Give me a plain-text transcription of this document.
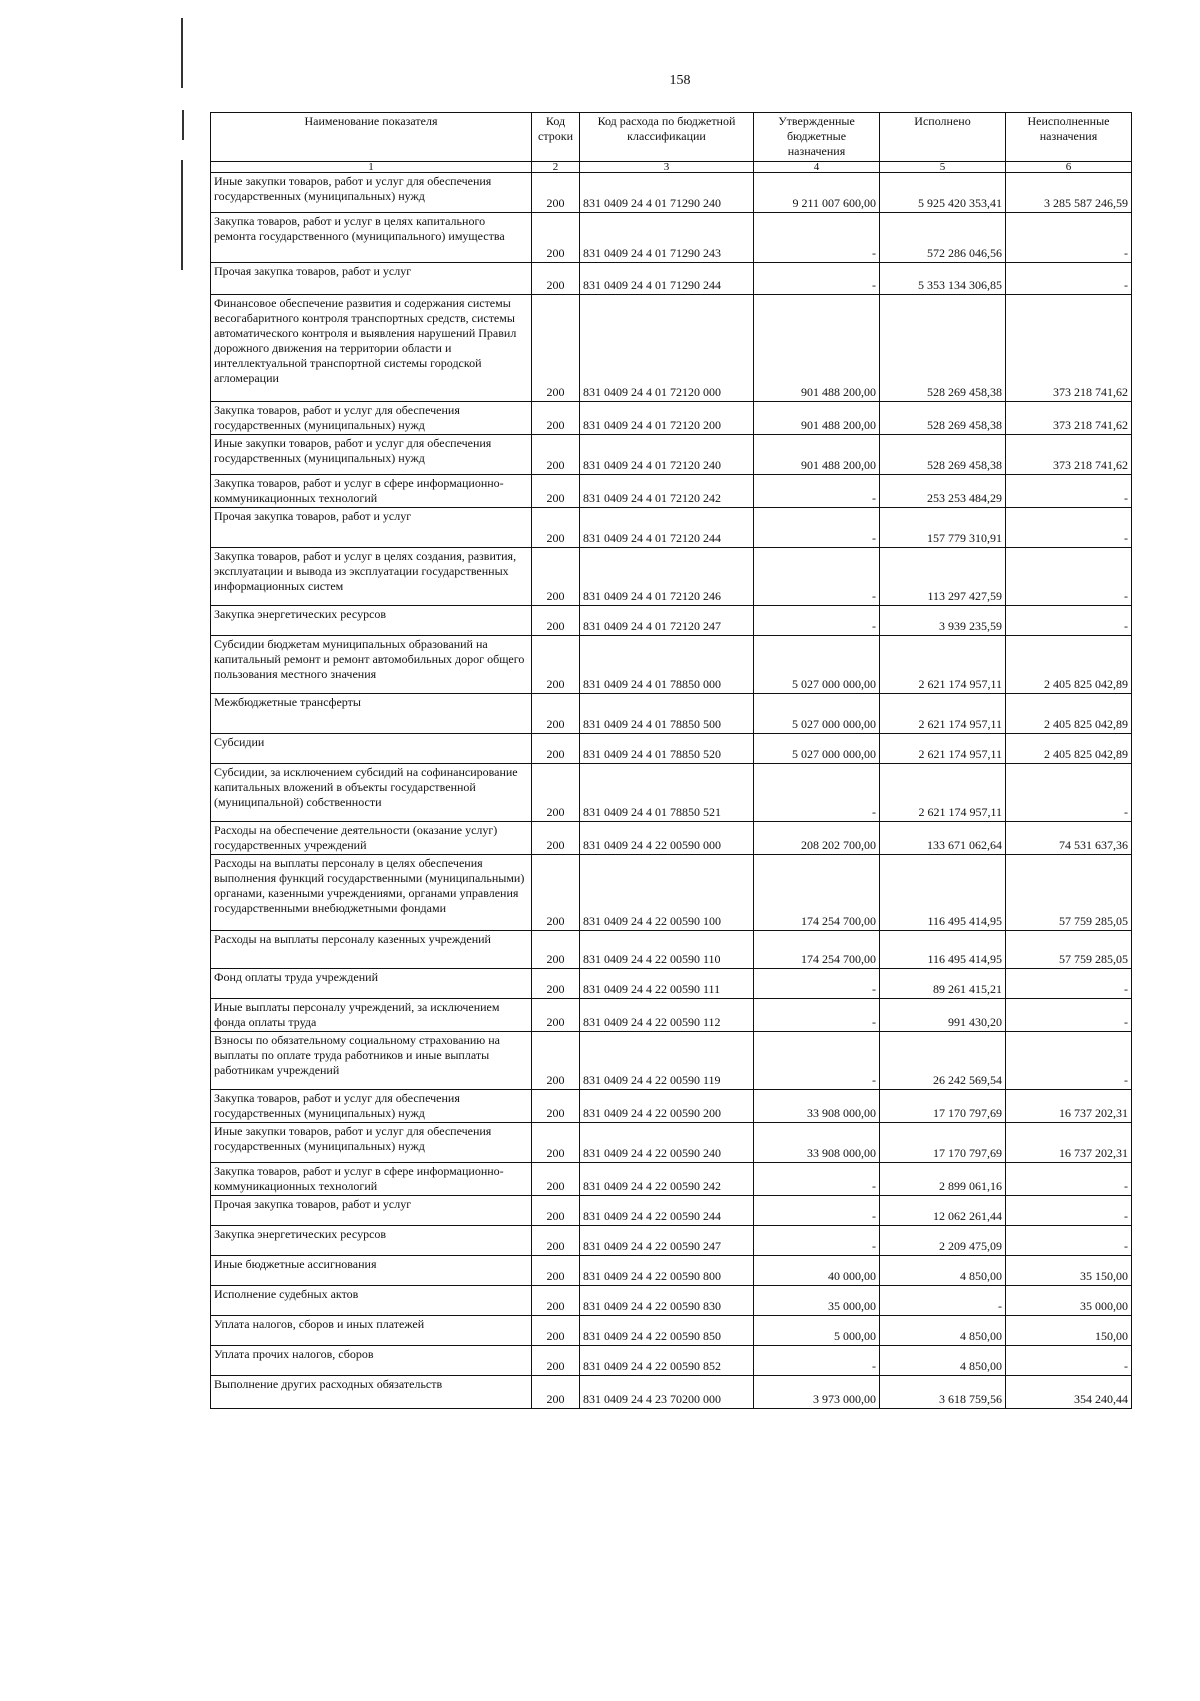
158
Наименование показателя	Код строки	Код расхода по бюджетной классификации	Утвержденные бюджетные назначения	Исполнено	Неисполненные назначения
1	2	3	4	5	6
Иные закупки товаров, работ и услуг для обеспечения государственных (муниципальных) нужд	200	831 0409 24 4 01 71290 240	9 211 007 600,00	5 925 420 353,41	3 285 587 246,59
Закупка товаров, работ и услуг в целях капитального ремонта государственного (муниципального) имущества	200	831 0409 24 4 01 71290 243	-	572 286 046,56	-
Прочая закупка товаров, работ и услуг	200	831 0409 24 4 01 71290 244	-	5 353 134 306,85	-
Финансовое обеспечение развития и содержания системы весогабаритного контроля транспортных средств, системы автоматического контроля и выявления нарушений Правил дорожного движения на территории области и интеллектуальной транспортной системы городской агломерации	200	831 0409 24 4 01 72120 000	901 488 200,00	528 269 458,38	373 218 741,62
Закупка товаров, работ и услуг для обеспечения государственных (муниципальных) нужд	200	831 0409 24 4 01 72120 200	901 488 200,00	528 269 458,38	373 218 741,62
Иные закупки товаров, работ и услуг для обеспечения государственных (муниципальных) нужд	200	831 0409 24 4 01 72120 240	901 488 200,00	528 269 458,38	373 218 741,62
Закупка товаров, работ и услуг в сфере информационно-коммуникационных технологий	200	831 0409 24 4 01 72120 242	-	253 253 484,29	-
Прочая закупка товаров, работ и услуг	200	831 0409 24 4 01 72120 244	-	157 779 310,91	-
Закупка товаров, работ и услуг в целях создания, развития, эксплуатации и вывода из эксплуатации государственных информационных систем	200	831 0409 24 4 01 72120 246	-	113 297 427,59	-
Закупка энергетических ресурсов	200	831 0409 24 4 01 72120 247	-	3 939 235,59	-
Субсидии бюджетам муниципальных образований на капитальный ремонт и ремонт автомобильных дорог общего пользования местного значения	200	831 0409 24 4 01 78850 000	5 027 000 000,00	2 621 174 957,11	2 405 825 042,89
Межбюджетные трансферты	200	831 0409 24 4 01 78850 500	5 027 000 000,00	2 621 174 957,11	2 405 825 042,89
Субсидии	200	831 0409 24 4 01 78850 520	5 027 000 000,00	2 621 174 957,11	2 405 825 042,89
Субсидии, за исключением субсидий на софинансирование капитальных вложений в объекты государственной (муниципальной) собственности	200	831 0409 24 4 01 78850 521	-	2 621 174 957,11	-
Расходы на обеспечение деятельности (оказание услуг) государственных учреждений	200	831 0409 24 4 22 00590 000	208 202 700,00	133 671 062,64	74 531 637,36
Расходы на выплаты персоналу в целях обеспечения выполнения функций государственными (муниципальными) органами, казенными учреждениями, органами управления государственными внебюджетными фондами	200	831 0409 24 4 22 00590 100	174 254 700,00	116 495 414,95	57 759 285,05
Расходы на выплаты персоналу казенных учреждений	200	831 0409 24 4 22 00590 110	174 254 700,00	116 495 414,95	57 759 285,05
Фонд оплаты труда учреждений	200	831 0409 24 4 22 00590 111	-	89 261 415,21	-
Иные выплаты персоналу учреждений, за исключением фонда оплаты труда	200	831 0409 24 4 22 00590 112	-	991 430,20	-
Взносы по обязательному социальному страхованию на выплаты по оплате труда работников и иные выплаты работникам учреждений	200	831 0409 24 4 22 00590 119	-	26 242 569,54	-
Закупка товаров, работ и услуг для обеспечения государственных (муниципальных) нужд	200	831 0409 24 4 22 00590 200	33 908 000,00	17 170 797,69	16 737 202,31
Иные закупки товаров, работ и услуг для обеспечения государственных (муниципальных) нужд	200	831 0409 24 4 22 00590 240	33 908 000,00	17 170 797,69	16 737 202,31
Закупка товаров, работ и услуг в сфере информационно-коммуникационных технологий	200	831 0409 24 4 22 00590 242	-	2 899 061,16	-
Прочая закупка товаров, работ и услуг	200	831 0409 24 4 22 00590 244	-	12 062 261,44	-
Закупка энергетических ресурсов	200	831 0409 24 4 22 00590 247	-	2 209 475,09	-
Иные бюджетные ассигнования	200	831 0409 24 4 22 00590 800	40 000,00	4 850,00	35 150,00
Исполнение судебных актов	200	831 0409 24 4 22 00590 830	35 000,00	-	35 000,00
Уплата налогов, сборов и иных платежей	200	831 0409 24 4 22 00590 850	5 000,00	4 850,00	150,00
Уплата прочих налогов, сборов	200	831 0409 24 4 22 00590 852	-	4 850,00	-
Выполнение других расходных обязательств	200	831 0409 24 4 23 70200 000	3 973 000,00	3 618 759,56	354 240,44
